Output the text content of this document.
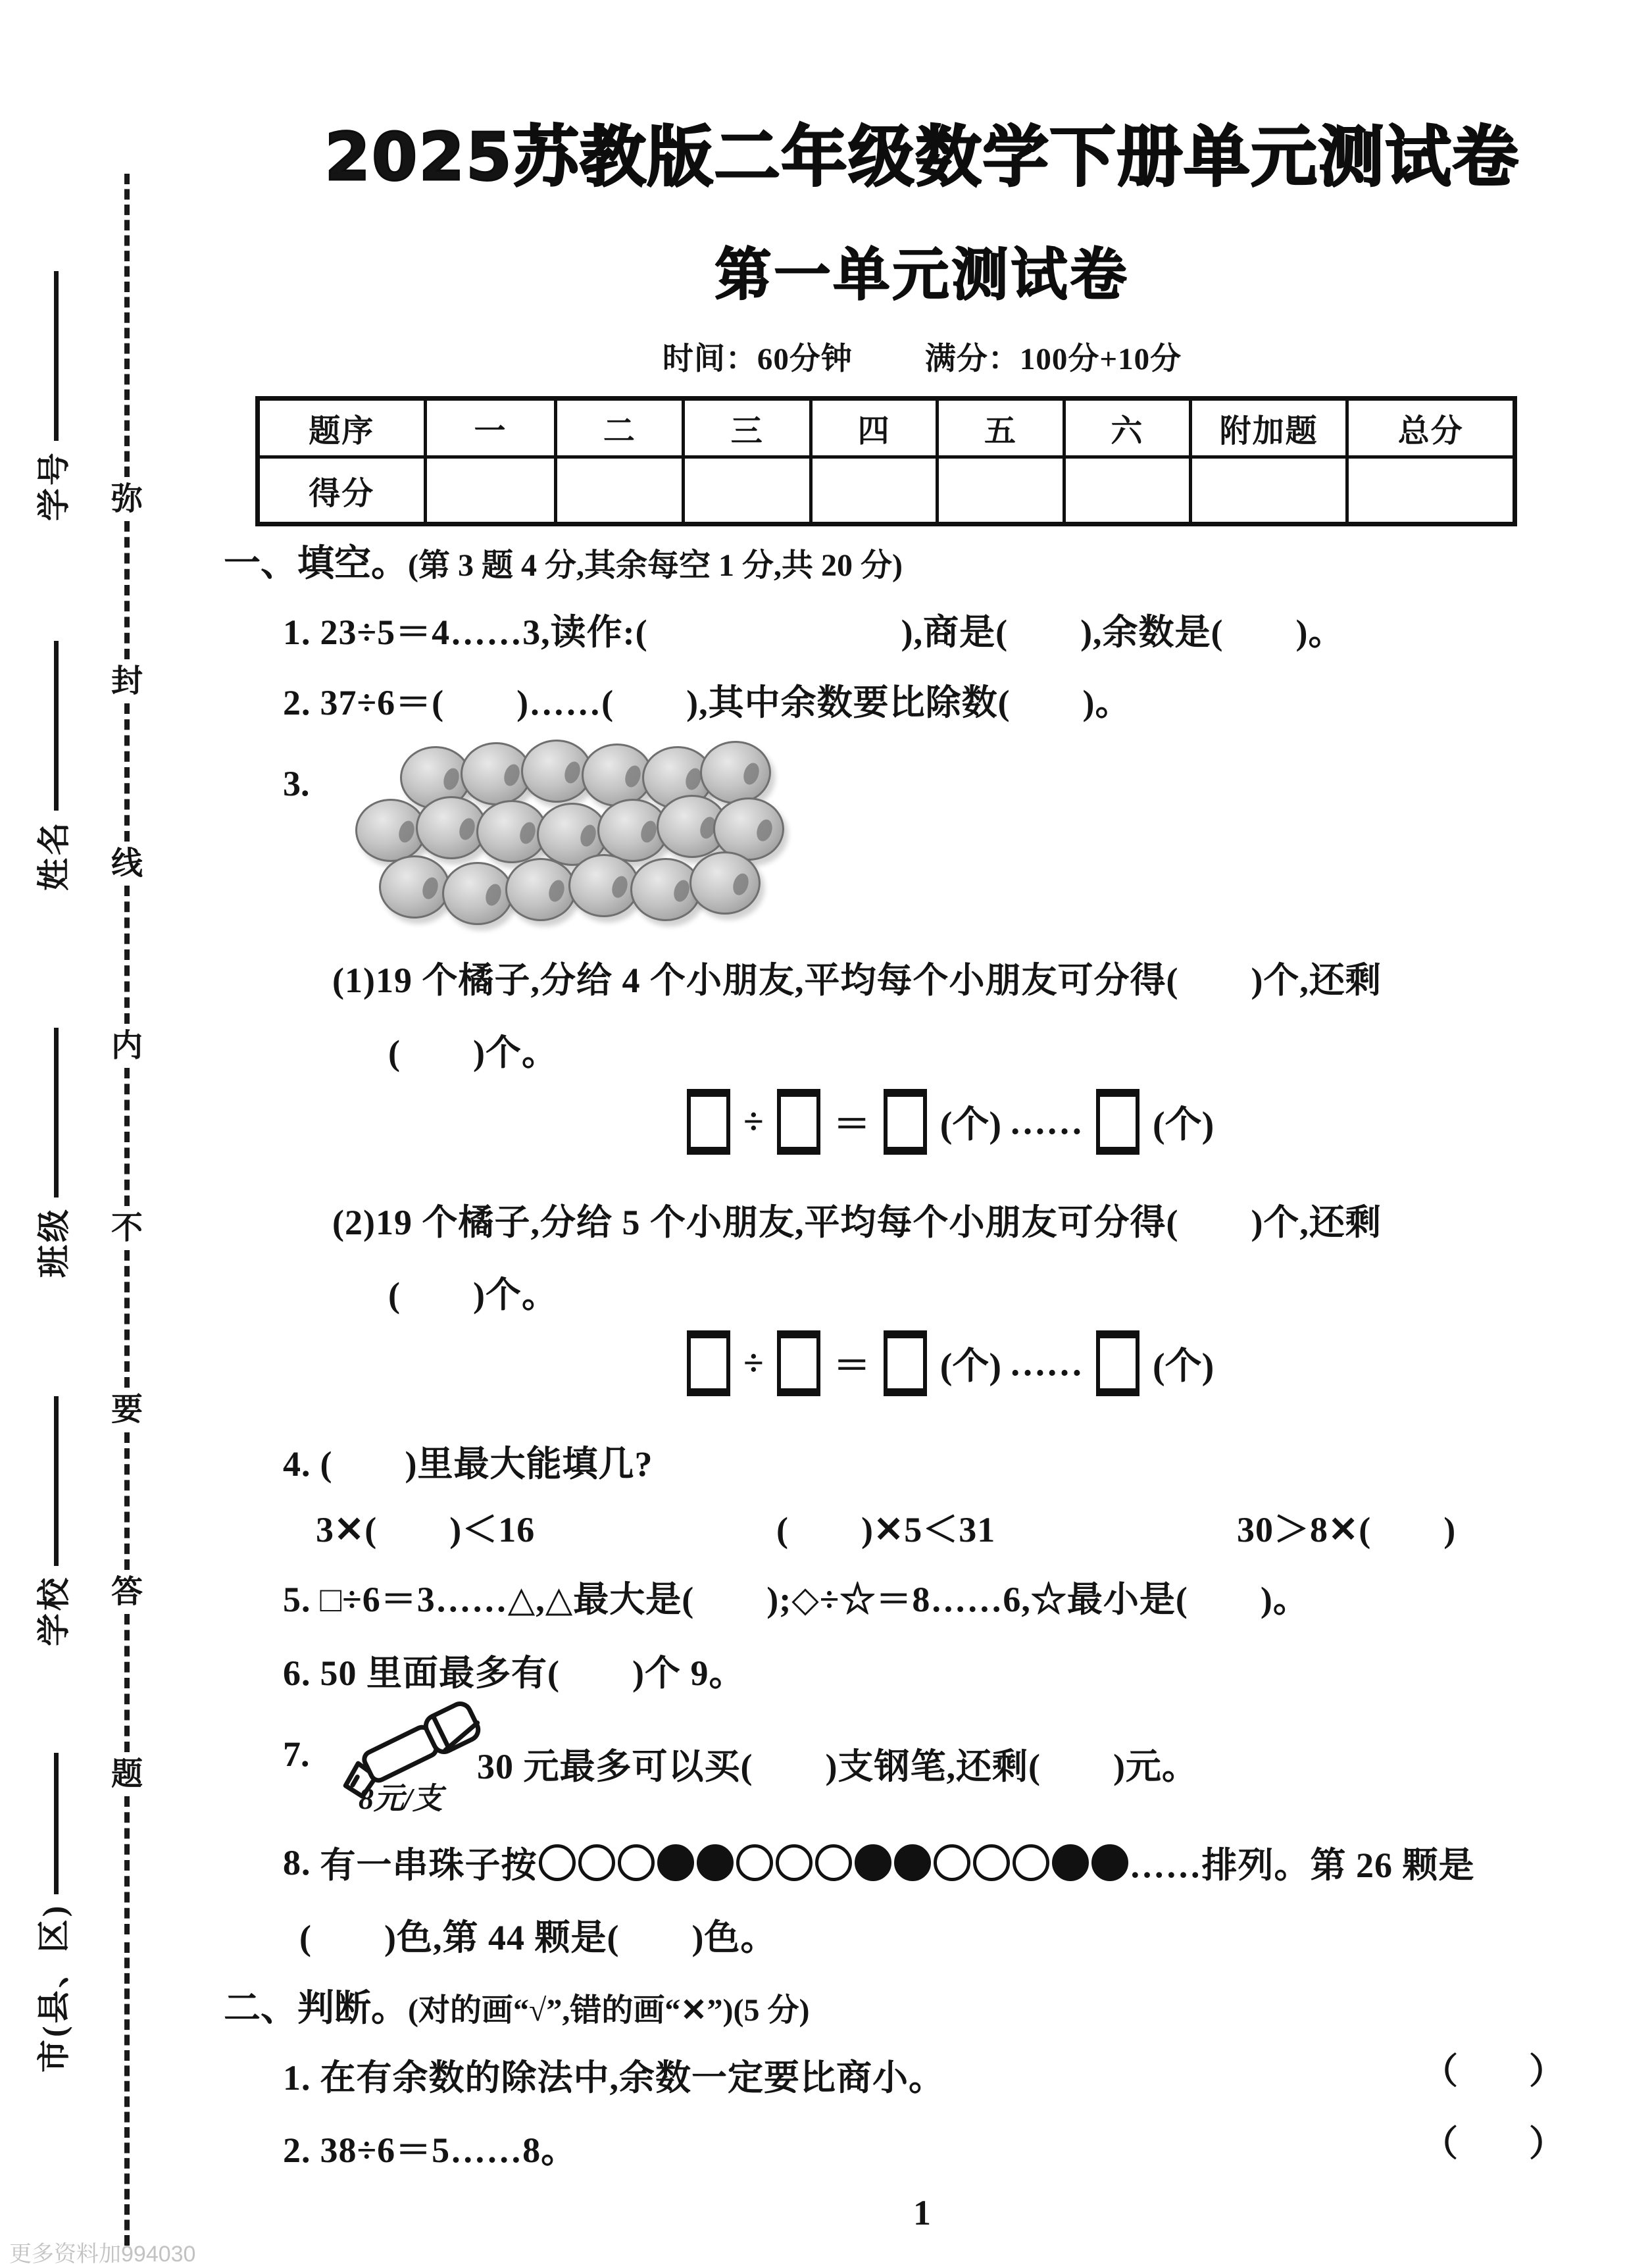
学号
姓名
班级
学校
市(县、区)
弥
封
线
内
不
要
答
题
更多资料加994030
2025苏教版二年级数学下册单元测试卷
第一单元测试卷
时间：60分钟 满分：100分+10分
题序	一	二	三	四	五	六	附加题	总分
得分
一、填空。(第 3 题 4 分,其余每空 1 分,共 20 分)
1. 23÷5＝4……3,读作:(　　　　　　　),商是(　　),余数是(　　)。
2. 37÷6＝(　　)……(　　),其中余数要比除数(　　)。
3.
(1)19 个橘子,分给 4 个小朋友,平均每个小朋友可分得(　　)个,还剩
(　　)个。
÷ ＝ (个) …… (个)
(2)19 个橘子,分给 5 个小朋友,平均每个小朋友可分得(　　)个,还剩
(　　)个。
÷ ＝ (个) …… (个)
4. (　　)里最大能填几?
3✕(　　)＜16	(　　)✕5＜31	30＞8✕(　　)
5. □÷6＝3……△,△最大是(　　);◇÷☆＝8……6,☆最小是(　　)。
6. 50 里面最多有(　　)个 9。
7.
8元/支
30 元最多可以买(　　)支钢笔,还剩(　　)元。
8. 有一串珠子按	……排列。第 26 颗是
(　　)色,第 44 颗是(　　)色。
二、判断。(对的画“√”,错的画“✕”)(5 分)
1. 在有余数的除法中,余数一定要比商小。	（　　）
2. 38÷6＝5……8。	（　　）
1
